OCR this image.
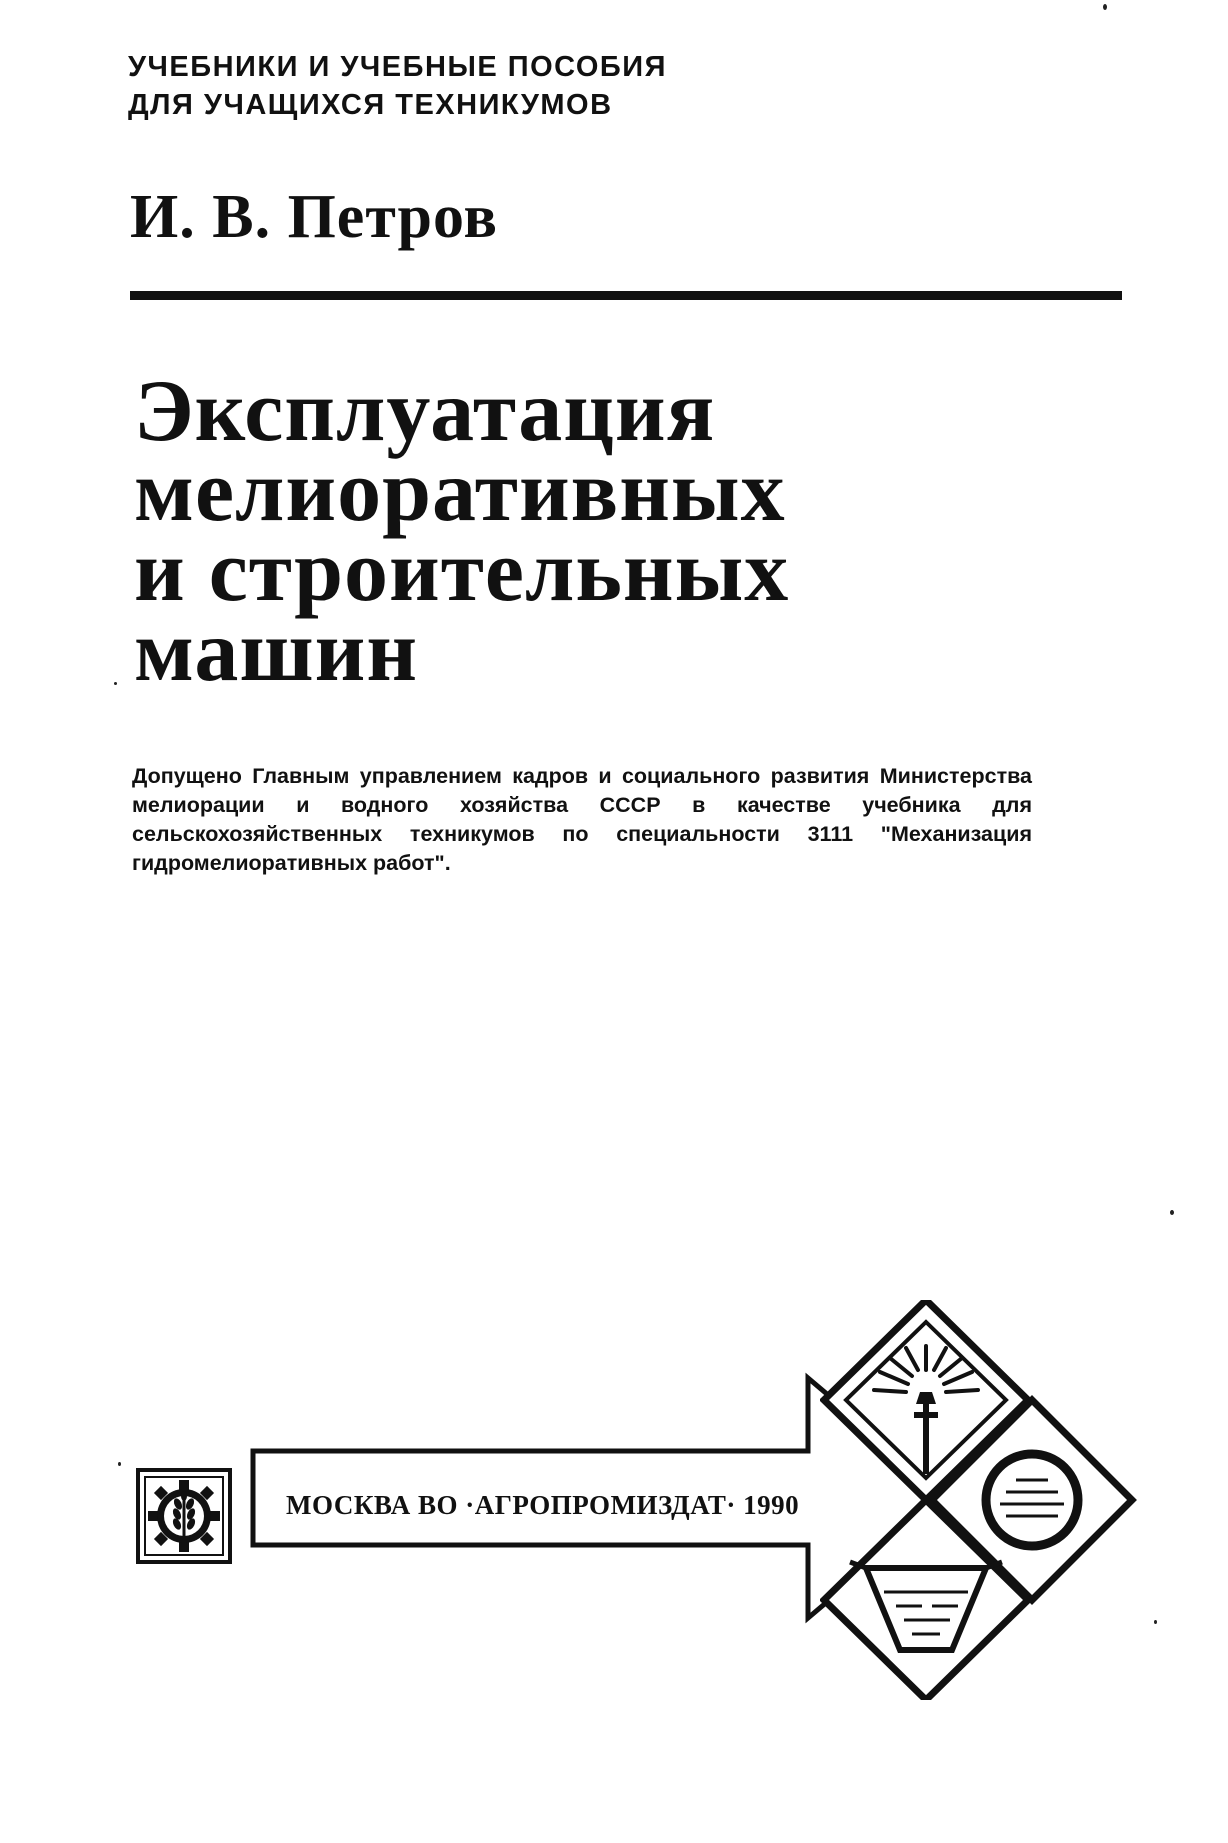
УЧЕБНИКИ И УЧЕБНЫЕ ПОСОБИЯ
ДЛЯ УЧАЩИХСЯ ТЕХНИКУМОВ
И. В. Петров
Эксплуатация
мелиоративных
и строительных
машин

Допущено Главным управлением кадров и социального развития Министерства мелиорации и водного хозяйства СССР в качестве учебника для сельскохозяйственных техникумов по специальности 3111 "Механизация гидромелиоративных работ".

МОСКВА ВО ·АГРОПРОМИЗДАТ· 1990
